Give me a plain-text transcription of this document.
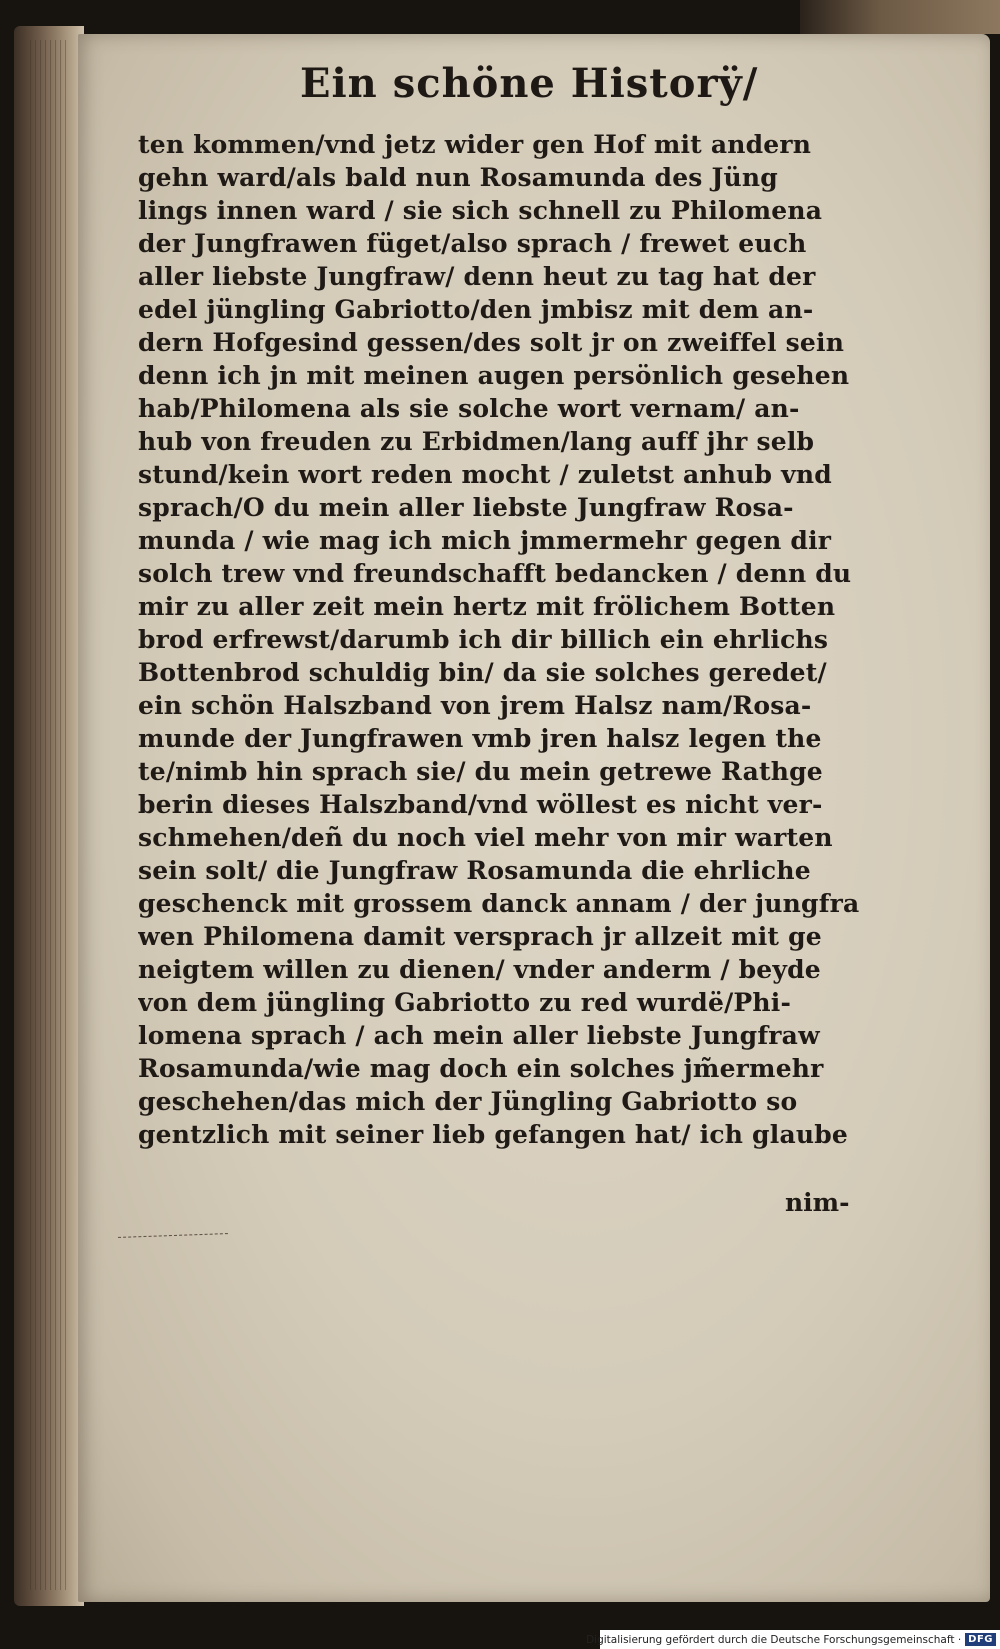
Ein schöne Historÿ/
ten kommen/vnd jetz wider gen Hof mit andern
gehn ward/als bald nun Rosamunda des Jüng
lings innen ward / sie sich schnell zu Philomena
der Jungfrawen füget/also sprach / frewet euch
aller liebste Jungfraw/ denn heut zu tag hat der
edel jüngling Gabriotto/den jmbisz mit dem an-
dern Hofgesind gessen/des solt jr on zweiffel sein
denn ich jn mit meinen augen persönlich gesehen
hab/Philomena als sie solche wort vernam/ an-
hub von freuden zu Erbidmen/lang auff jhr selb
stund/kein wort reden mocht / zuletst anhub vnd
sprach/O du mein aller liebste Jungfraw Rosa-
munda / wie mag ich mich jmmermehr gegen dir
solch trew vnd freundschafft bedancken / denn du
mir zu aller zeit mein hertz mit frölichem Botten
brod erfrewst/darumb ich dir billich ein ehrlichs
Bottenbrod schuldig bin/ da sie solches geredet/
ein schön Halszband von jrem Halsz nam/Rosa-
munde der Jungfrawen vmb jren halsz legen the
te/nimb hin sprach sie/ du mein getrewe Rathge
berin dieses Halszband/vnd wöllest es nicht ver-
schmehen/deñ du noch viel mehr von mir warten
sein solt/ die Jungfraw Rosamunda die ehrliche
geschenck mit grossem danck annam / der jungfra
wen Philomena damit versprach jr allzeit mit ge
neigtem willen zu dienen/ vnder anderm / beyde
von dem jüngling Gabriotto zu red wurdë/Phi-
lomena sprach / ach mein aller liebste Jungfraw
Rosamunda/wie mag doch ein solches jm̃ermehr
geschehen/das mich der Jüngling Gabriotto so
gentzlich mit seiner lieb gefangen hat/ ich glaube
nim-
Digitalisierung gefördert durch die Deutsche Forschungsgemeinschaft · DFG
